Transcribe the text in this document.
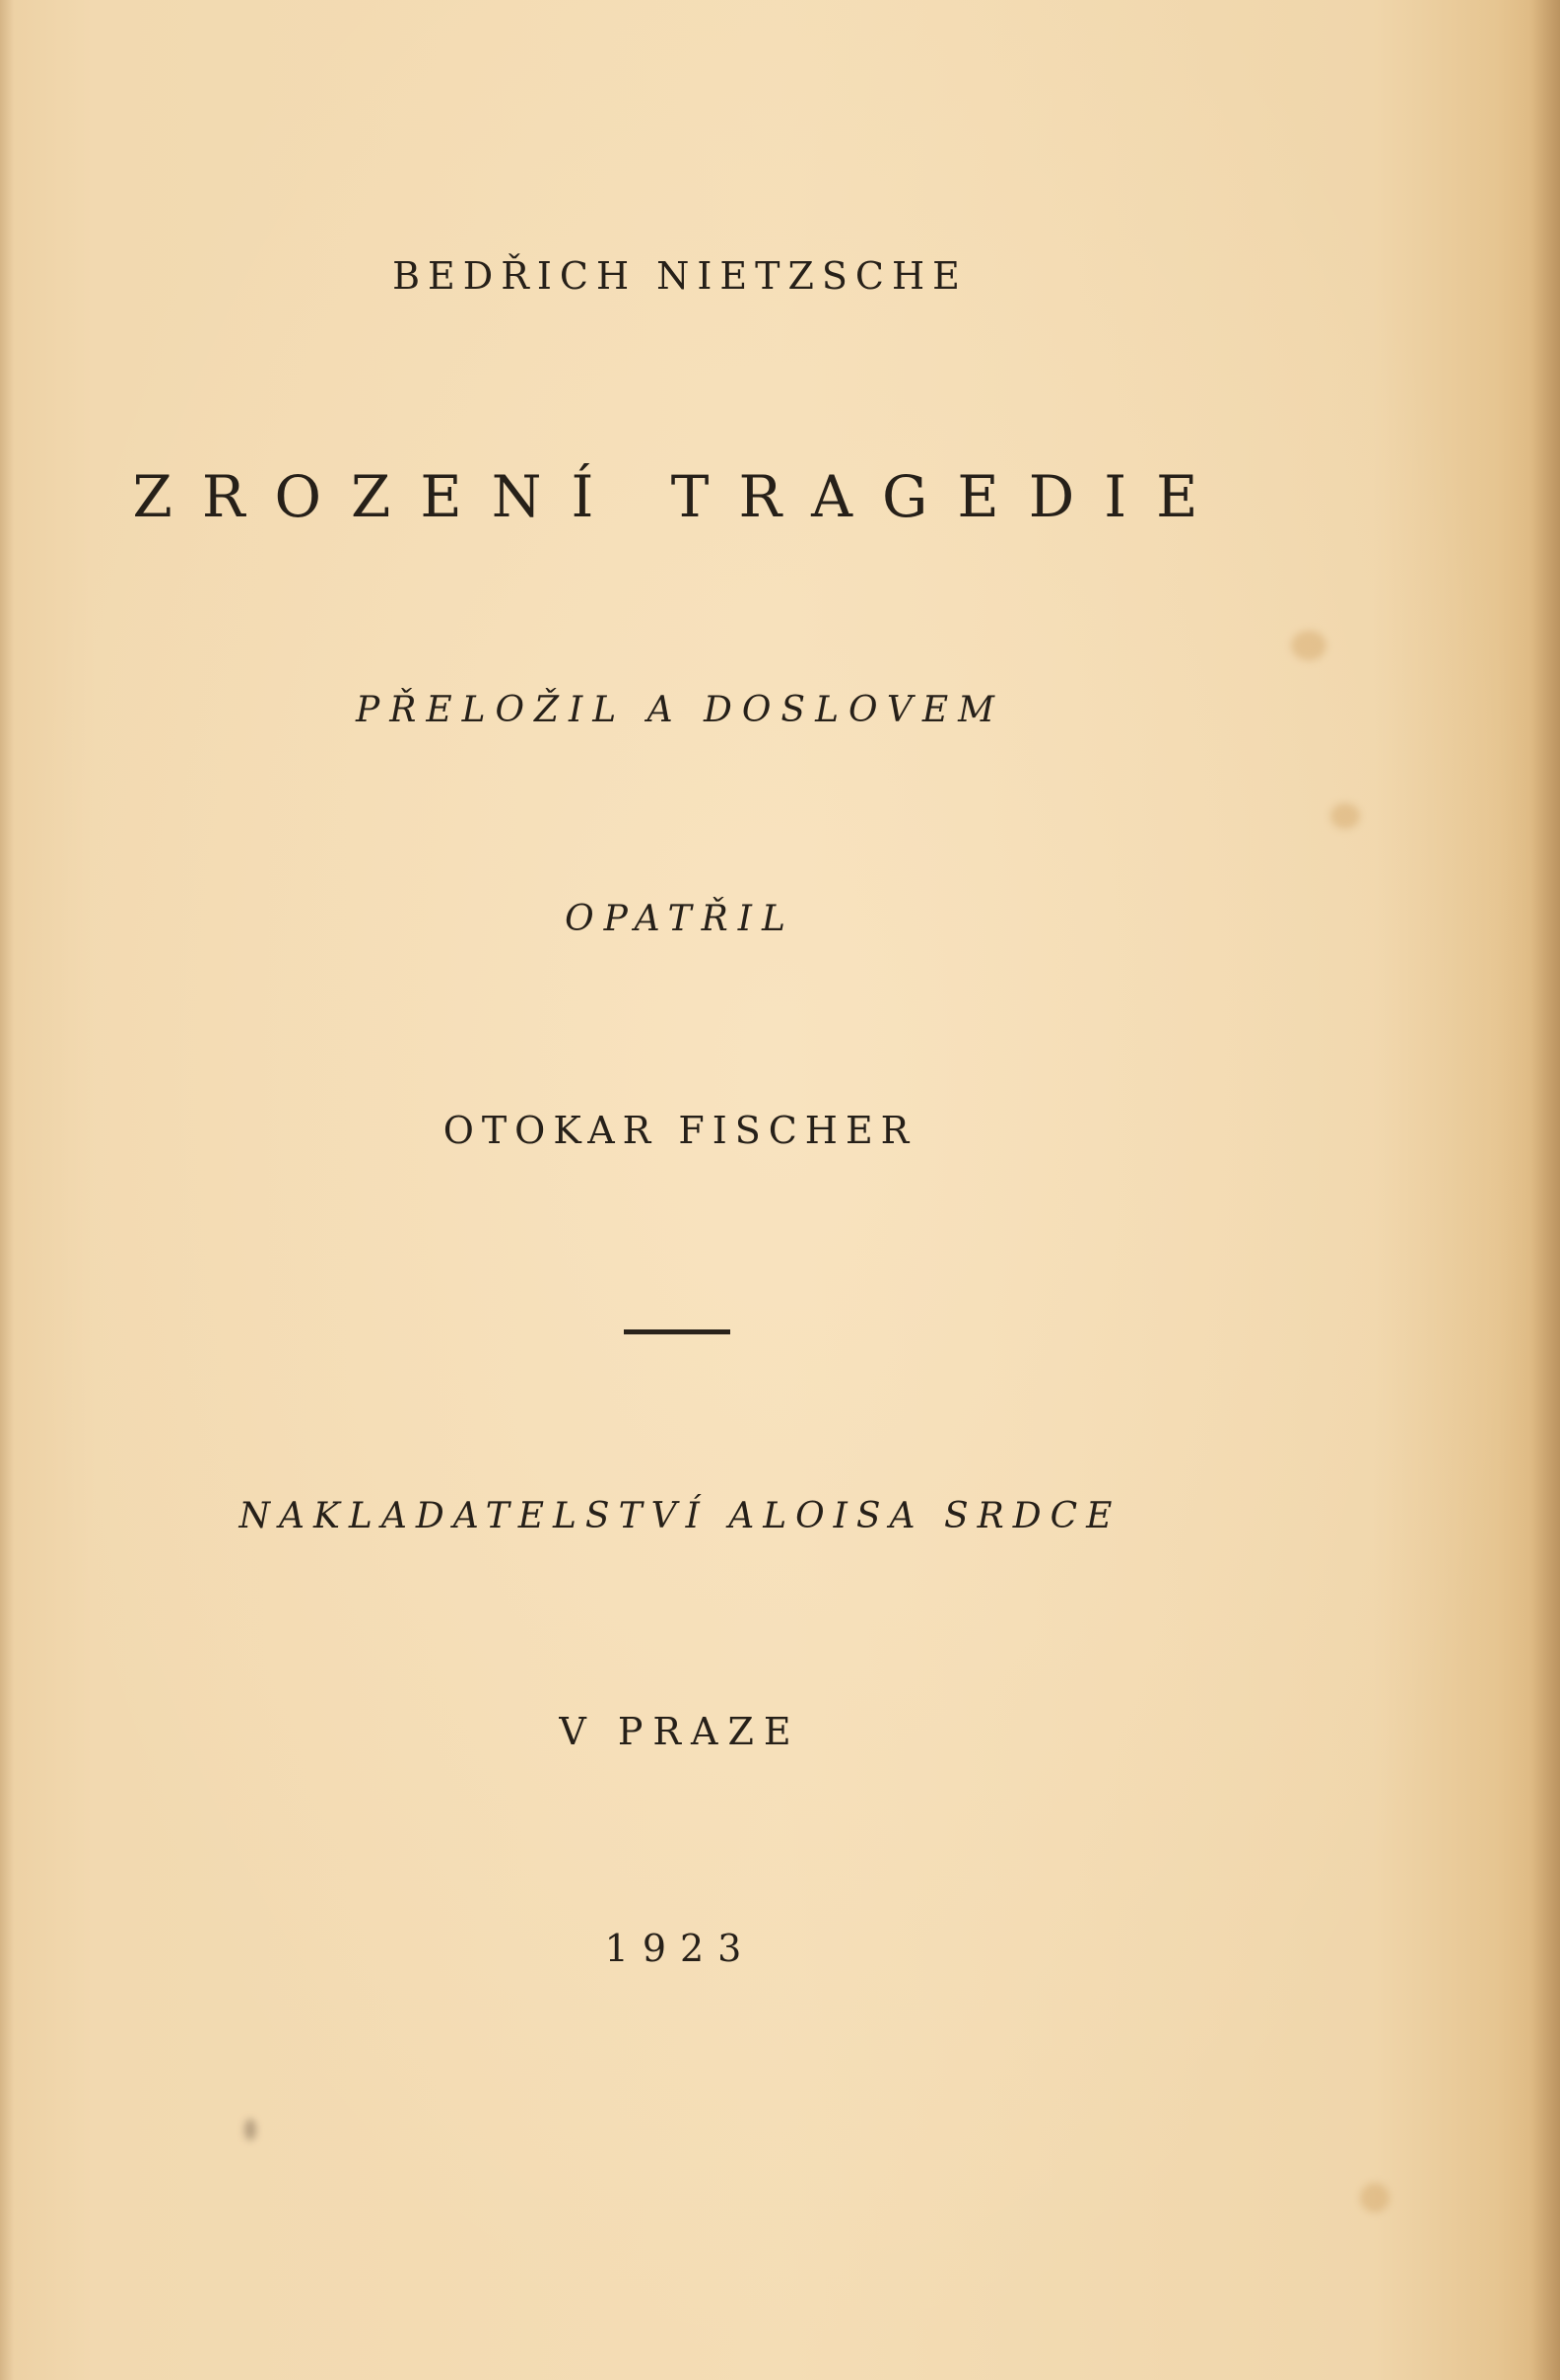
BEDŘICH NIETZSCHE
ZROZENÍ TRAGEDIE
PŘELOŽIL A DOSLOVEM
OPATŘIL
OTOKAR FISCHER
NAKLADATELSTVÍ ALOISA SRDCE
V PRAZE
1923
